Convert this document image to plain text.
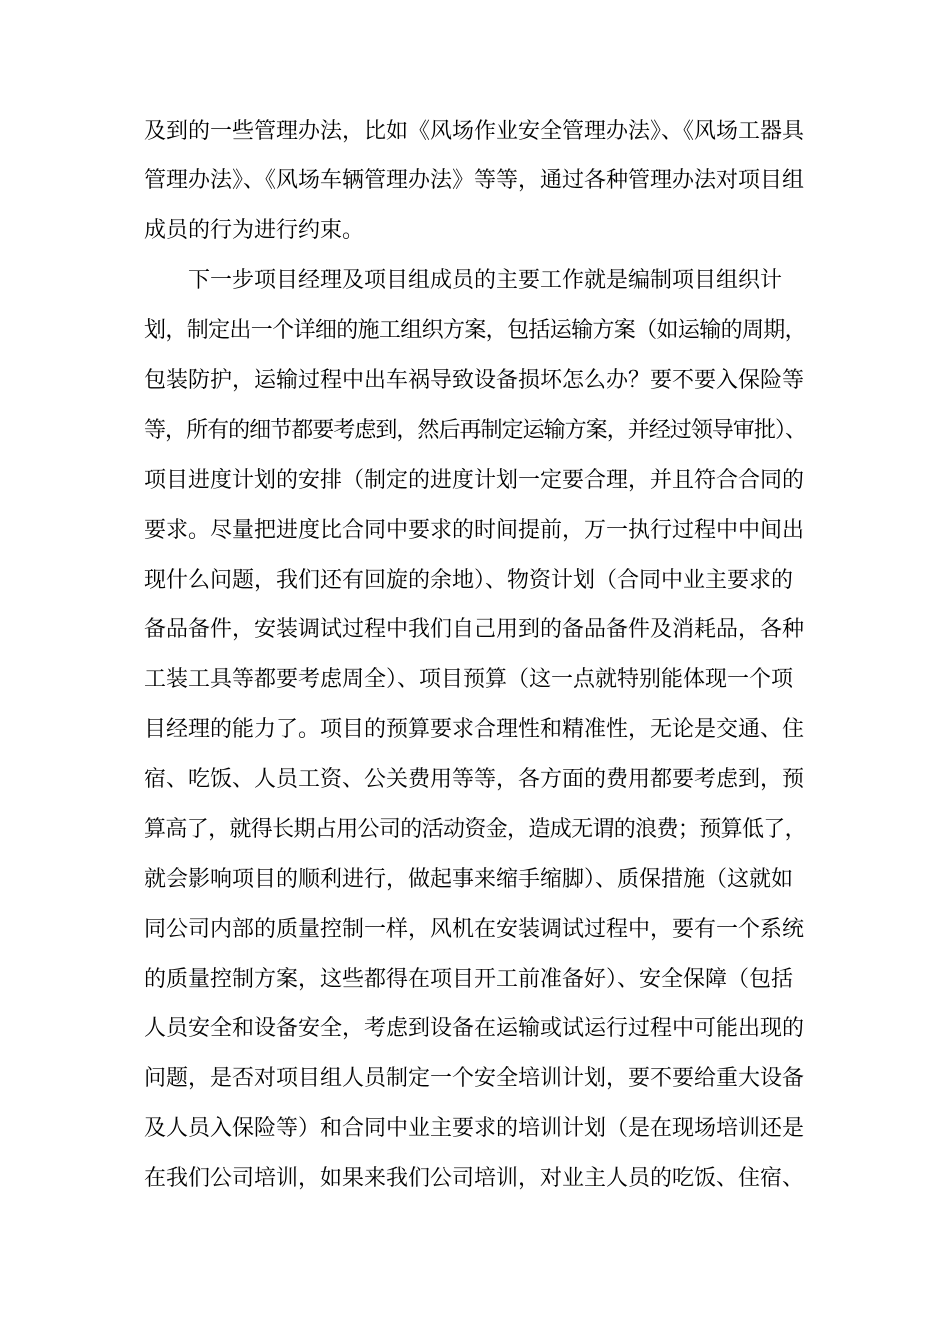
及到的一些管理办法，比如《风场作业安全管理办法》、《风场工器具
管理办法》、《风场车辆管理办法》等等，通过各种管理办法对项目组
成员的行为进行约束。
下一步项目经理及项目组成员的主要工作就是编制项目组织计
划，制定出一个详细的施工组织方案，包括运输方案（如运输的周期，
包装防护，运输过程中出车祸导致设备损坏怎么办？要不要入保险等
等，所有的细节都要考虑到，然后再制定运输方案，并经过领导审批）、
项目进度计划的安排（制定的进度计划一定要合理，并且符合合同的
要求。尽量把进度比合同中要求的时间提前，万一执行过程中中间出
现什么问题，我们还有回旋的余地）、物资计划（合同中业主要求的
备品备件，安装调试过程中我们自己用到的备品备件及消耗品，各种
工装工具等都要考虑周全）、项目预算（这一点就特别能体现一个项
目经理的能力了。项目的预算要求合理性和精准性，无论是交通、住
宿、吃饭、人员工资、公关费用等等，各方面的费用都要考虑到，预
算高了，就得长期占用公司的活动资金，造成无谓的浪费；预算低了，
就会影响项目的顺利进行，做起事来缩手缩脚）、质保措施（这就如
同公司内部的质量控制一样，风机在安装调试过程中，要有一个系统
的质量控制方案，这些都得在项目开工前准备好）、安全保障（包括
人员安全和设备安全，考虑到设备在运输或试运行过程中可能出现的
问题，是否对项目组人员制定一个安全培训计划，要不要给重大设备
及人员入保险等）和合同中业主要求的培训计划（是在现场培训还是
在我们公司培训，如果来我们公司培训，对业主人员的吃饭、住宿、
